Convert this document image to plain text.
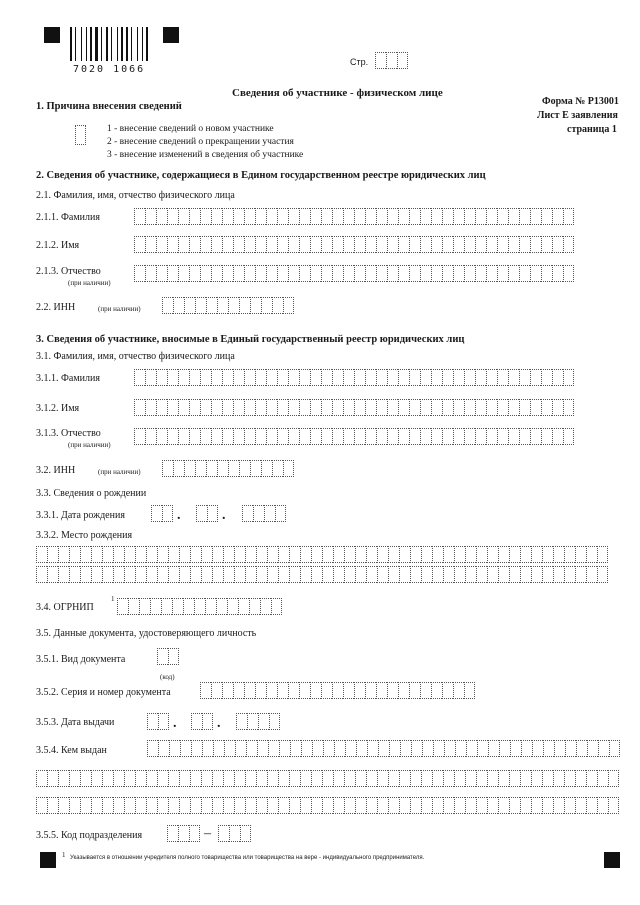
7020 1066
Стр.
Сведения об участнике - физическом лице
Форма № Р13001
Лист Е заявления
страница 1
1. Причина внесения сведений
1 - внесение сведений о новом участнике
2 - внесение сведений о прекращении участия
3 - внесение изменений в сведения об участнике
2. Сведения об участнике, содержащиеся в Едином государственном реестре юридических лиц
2.1. Фамилия, имя, отчество физического лица
2.1.1. Фамилия
2.1.2. Имя
2.1.3. Отчество
(при наличии)
2.2. ИНН	(при наличии)
3. Сведения об участнике, вносимые в Единый государственный реестр юридических лиц
3.1. Фамилия, имя, отчество физического лица
3.1.1. Фамилия
3.1.2. Имя
3.1.3. Отчество
(при наличии)
3.2. ИНН	(при наличии)
3.3. Сведения о рождении
3.3.1. Дата рождения	.	.
3.3.2. Место рождения
3.4. ОГРНИП
1
3.5. Данные документа, удостоверяющего личность
3.5.1. Вид документа
(код)
3.5.2. Серия и номер документа
3.5.3. Дата выдачи	.	.
3.5.4. Кем выдан
3.5.5. Код подразделения	–
1 Указывается в отношении учредителя полного товарищества или товарищества на вере - индивидуального предпринимателя.
